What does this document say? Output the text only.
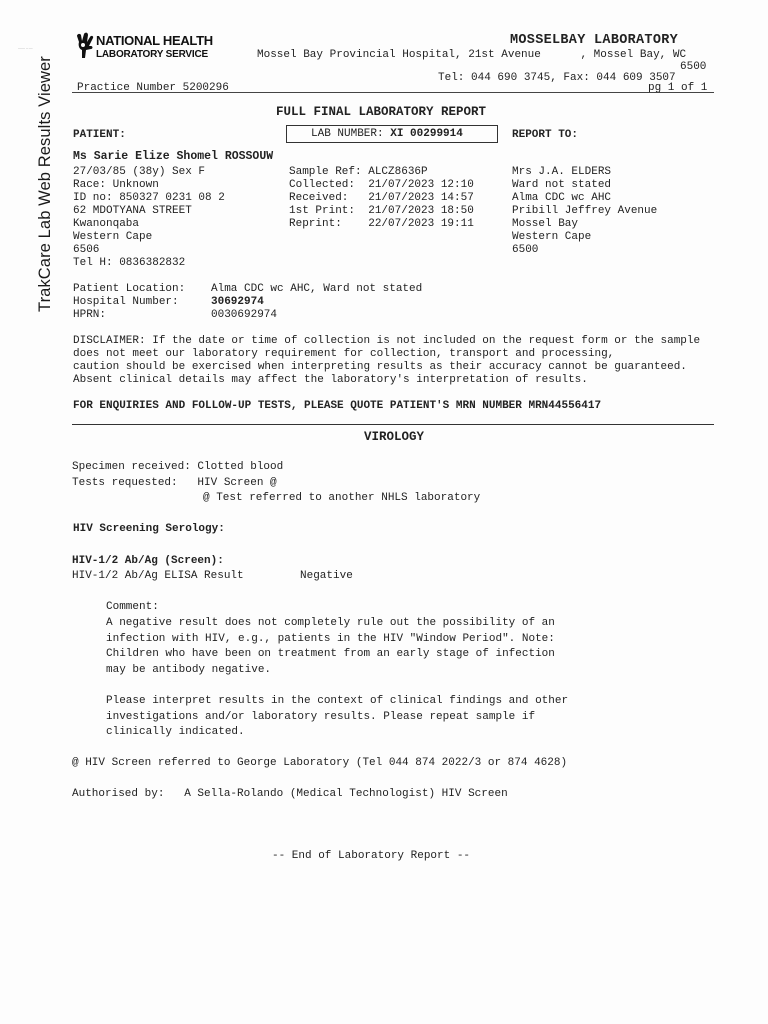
------- -- ----
TrakCare Lab Web Results Viewer
NATIONAL HEALTH
LABORATORY SERVICE
MOSSELBAY LABORATORY
Mossel Bay Provincial Hospital, 21st Avenue      , Mossel Bay, WC
6500
Tel: 044 690 3745, Fax: 044 609 3507
Practice Number 5200296	pg 1 of 1
FULL FINAL LABORATORY REPORT
PATIENT:	LAB NUMBER: XI 00299914	REPORT TO:
Ms Sarie Elize Shomel ROSSOUW
27/03/85 (38y) Sex F
Race: Unknown
ID no: 850327 0231 08 2
62 MDOTYANA STREET
Kwanonqaba
Western Cape
6506
Tel H: 0836382832
Sample Ref: ALCZ8636P
Collected:  21/07/2023 12:10
Received:   21/07/2023 14:57
1st Print:  21/07/2023 18:50
Reprint:    22/07/2023 19:11
Mrs J.A. ELDERS
Ward not stated
Alma CDC wc AHC
Pribill Jeffrey Avenue
Mossel Bay
Western Cape
6500
Patient Location: Alma CDC wc AHC, Ward not stated
Hospital Number:	30692974
HPRN:	0030692974
DISCLAIMER: If the date or time of collection is not included on the request form or the sample
does not meet our laboratory requirement for collection, transport and processing,
caution should be exercised when interpreting results as their accuracy cannot be guaranteed.
Absent clinical details may affect the laboratory's interpretation of results.
FOR ENQUIRIES AND FOLLOW-UP TESTS, PLEASE QUOTE PATIENT'S MRN NUMBER MRN44556417
VIROLOGY
Specimen received: Clotted blood
Tests requested:   HIV Screen @
@ Test referred to another NHLS laboratory
HIV Screening Serology:
HIV-1/2 Ab/Ag (Screen):
HIV-1/2 Ab/Ag ELISA Result	Negative
Comment:
A negative result does not completely rule out the possibility of an
infection with HIV, e.g., patients in the HIV "Window Period". Note:
Children who have been on treatment from an early stage of infection
may be antibody negative.
Please interpret results in the context of clinical findings and other
investigations and/or laboratory results. Please repeat sample if
clinically indicated.
@ HIV Screen referred to George Laboratory (Tel 044 874 2022/3 or 874 4628)
Authorised by:   A Sella-Rolando (Medical Technologist) HIV Screen
-- End of Laboratory Report --
